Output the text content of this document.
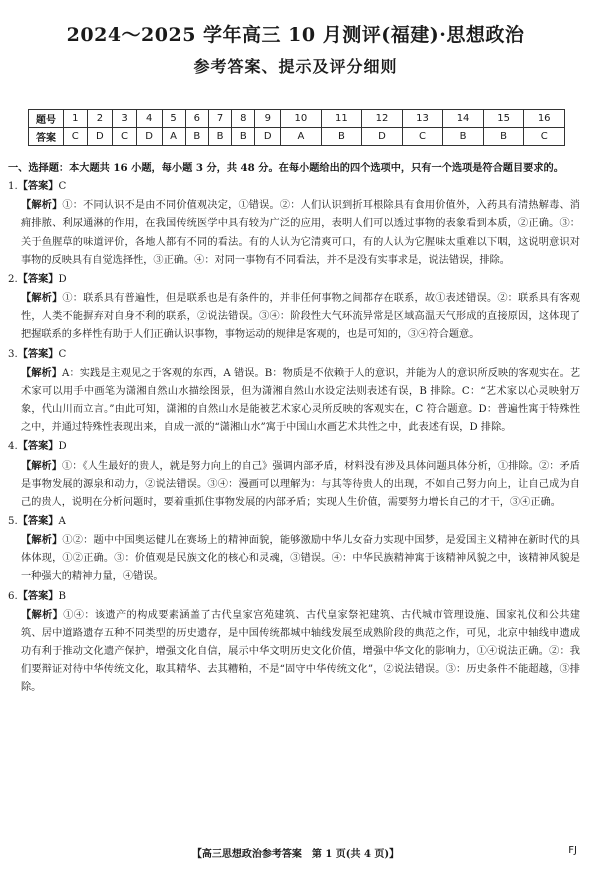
2024～2025 学年高三 10 月测评(福建)·思想政治
参考答案、提示及评分细则
题号	1	2	3	4	5	6	7	8	9	10	11	12	13	14	15	16
答案	C	D	C	D	A	B	B	B	D	A	B	D	C	B	B	C

一、选择题：本大题共 16 小题，每小题 3 分，共 48 分。在每小题给出的四个选项中，只有一个选项是符合题目要求的。

1.【答案】C

【解析】①：不同认识不是由不同价值观决定，①错误。②：人们认识到折耳根除具有食用价值外，入药具有清热解毒、消痈排脓、利尿通淋的作用，在我国传统医学中具有较为广泛的应用，表明人们可以透过事物的表象看到本质，②正确。③：关于鱼腥草的味道评价，各地人都有不同的看法。有的人认为它清爽可口，有的人认为它腥味太重难以下咽，这说明意识对事物的反映具有自觉选择性，③正确。④：对同一事物有不同看法，并不是没有实事求是，说法错误，排除。

2.【答案】D

【解析】①：联系具有普遍性，但是联系也是有条件的，并非任何事物之间都存在联系，故①表述错误。②：联系具有客观性，人类不能摒弃对自身不利的联系，②说法错误。③④：阶段性大气环流异常是区域高温天气形成的直接原因，这体现了把握联系的多样性有助于人们正确认识事物，事物运动的规律是客观的，也是可知的，③④符合题意。

3.【答案】C

【解析】A：实践是主观见之于客观的东西，A 错误。B：物质是不依赖于人的意识，并能为人的意识所反映的客观实在。艺术家可以用手中画笔为潇湘自然山水描绘图景，但为潇湘自然山水设定法则表述有误，B 排除。C：“艺术家以心灵映射万象，代山川而立言。”由此可知，潇湘的自然山水是能被艺术家心灵所反映的客观实在，C 符合题意。D：普遍性寓于特殊性之中，并通过特殊性表现出来，自成一派的“潇湘山水”寓于中国山水画艺术共性之中，此表述有误，D 排除。

4.【答案】D

【解析】①：《人生最好的贵人，就是努力向上的自己》强调内部矛盾，材料没有涉及具体问题具体分析，①排除。②：矛盾是事物发展的源泉和动力，②说法错误。③④：漫画可以理解为：与其等待贵人的出现，不如自己努力向上，让自己成为自己的贵人，说明在分析问题时，要着重抓住事物发展的内部矛盾；实现人生价值，需要努力增长自己的才干，③④正确。

5.【答案】A

【解析】①②：题中中国奥运健儿在赛场上的精神面貌，能够激励中华儿女奋力实现中国梦，是爱国主义精神在新时代的具体体现，①②正确。③：价值观是民族文化的核心和灵魂，③错误。④：中华民族精神寓于该精神风貌之中，该精神风貌是一种强大的精神力量，④错误。

6.【答案】B

【解析】①④：该遗产的构成要素涵盖了古代皇家宫苑建筑、古代皇家祭祀建筑、古代城市管理设施、国家礼仪和公共建筑、居中道路遗存五种不同类型的历史遗存，是中国传统都城中轴线发展至成熟阶段的典范之作，可见，北京中轴线申遗成功有利于推动文化遗产保护，增强文化自信，展示中华文明历史文化价值，增强中华文化的影响力，①④说法正确。②：我们要辩证对待中华传统文化，取其精华、去其糟粕，不是“固守中华传统文化”，②说法错误。③：历史条件不能超越，③排除。

【高三思想政治参考答案　第 1 页(共 4 页)】	FJ
